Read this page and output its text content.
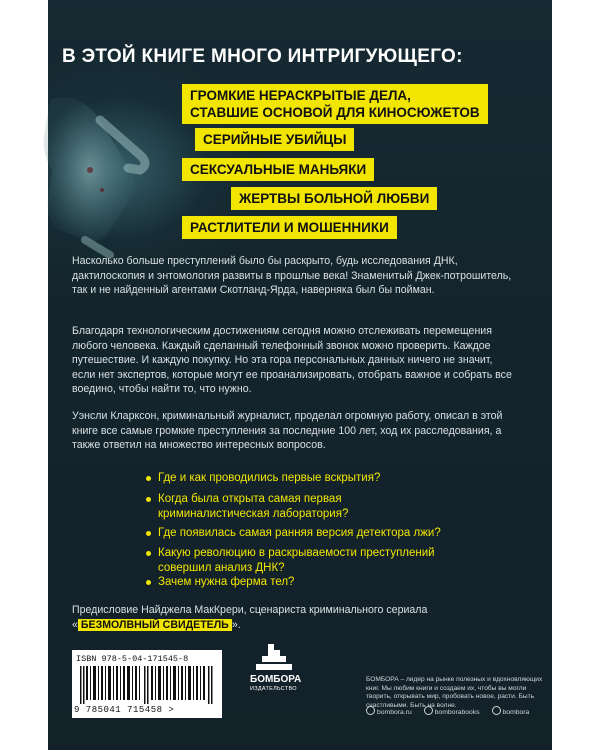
В ЭТОЙ КНИГЕ МНОГО ИНТРИГУЮЩЕГО:
ГРОМКИЕ НЕРАСКРЫТЫЕ ДЕЛА,
СТАВШИЕ ОСНОВОЙ ДЛЯ КИНОСЮЖЕТОВ
СЕРИЙНЫЕ УБИЙЦЫ
СЕКСУАЛЬНЫЕ МАНЬЯКИ
ЖЕРТВЫ БОЛЬНОЙ ЛЮБВИ
РАСТЛИТЕЛИ И МОШЕННИКИ
Насколько больше преступлений было бы раскрыто, будь исследования ДНК, дактилоскопия и энтомология развиты в прошлые века! Знаменитый Джек-потрошитель, так и не найденный агентами Скотланд-Ярда, наверняка был бы пойман.
Благодаря технологическим достижениям сегодня можно отслеживать перемещения любого человека. Каждый сделанный телефонный звонок можно проверить. Каждое путешествие. И каждую покупку. Но эта гора персональных данных ничего не значит, если нет экспертов, которые могут ее проанализировать, отобрать важное и собрать все воедино, чтобы найти то, что нужно.
Уэнсли Кларксон, криминальный журналист, проделал огромную работу, описал в этой книге все самые громкие преступления за последние 100 лет, ход их расследования, а также ответил на множество интересных вопросов.
Где и как проводились первые вскрытия?
Когда была открыта самая первая
криминалистическая лаборатория?
Где появилась самая ранняя версия детектора лжи?
Какую революцию в раскрываемости преступлений
совершил анализ ДНК?
Зачем нужна ферма тел?
Предисловие Найджела МакКрери, сценариста криминального сериала « БЕЗМОЛВНЫЙ СВИДЕТЕЛЬ ».
ISBN 978-5-04-171545-8
9 785041 715458 >
БОМБОРА
ИЗДАТЕЛЬСТВО
БОМБОРА – лидер на рынке полезных и вдохновляющих книг. Мы любим книги и создаем их, чтобы вы могли творить, открывать мир, пробовать новое, расти. Быть счастливыми. Быть на волне.
bombora.ru	bomborabooks	bombora
